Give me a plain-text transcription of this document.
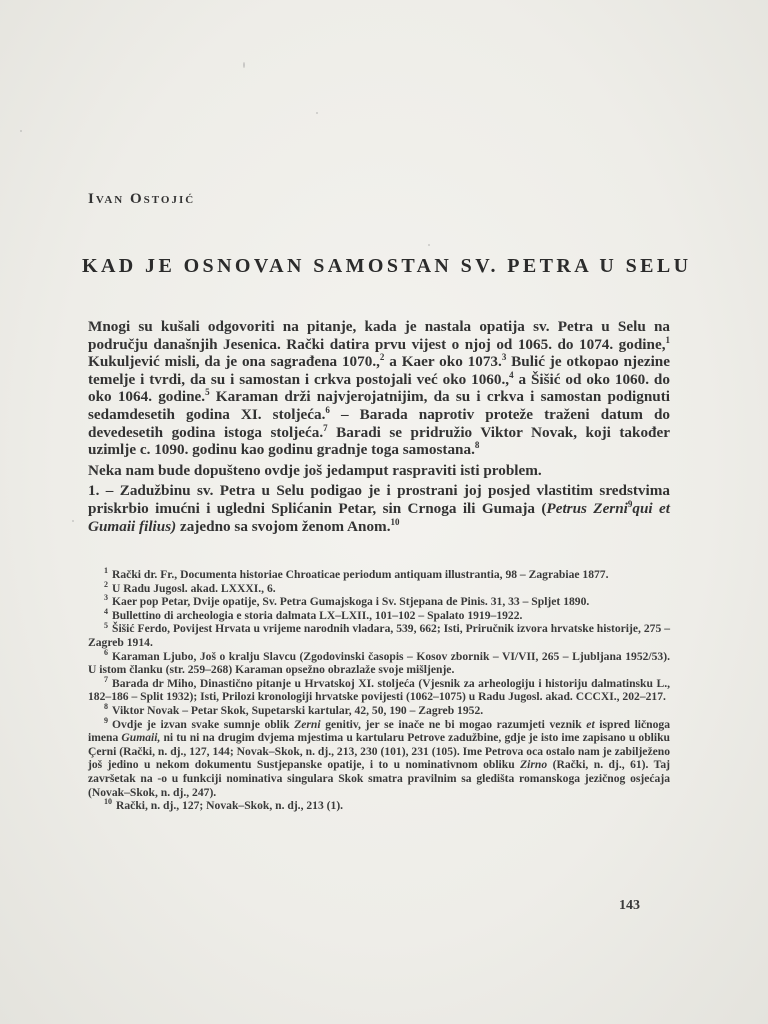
Ivan Ostojić
KAD JE OSNOVAN SAMOSTAN SV. PETRA U SELU

Mnogi su kušali odgovoriti na pitanje, kada je nastala opatija sv. Petra u Selu na području današnjih Jesenica. Rački datira prvu vijest o njoj od 1065. do 1074. godine,$^1$ Kukuljević misli, da je ona sagrađena 1070.,$^2$ a Kaer oko 1073.$^3$ Bulić je otkopao njezine temelje i tvrdi, da su i samostan i crkva postojali već oko 1060.,$^4$ a Šišić od oko 1060. do oko 1064. godine.$^5$ Karaman drži najvjerojatnijim, da su i crkva i samostan podignuti sedamdesetih godina XI. stoljeća.$^6$ – Barada naprotiv proteže traženi datum do devedesetih godina istoga stoljeća.$^7$ Baradi se pridružio Viktor Novak, koji također uzimlje c. 1090. godinu kao godinu gradnje toga samostana.$^8$

Neka nam bude dopušteno ovdje još jedamput raspraviti isti problem.

1. – Zadužbinu sv. Petra u Selu podigao je i prostrani joj posjed vlastitim sredstvima priskrbio imućni i ugledni Splićanin Petar, sin Crnoga ili Gumaja (Petrus Zerni$^9$qui et Gumaii filius) zajedno sa svojom ženom Anom.$^{10}$

$^1$ Rački dr. Fr., Documenta historiae Chroaticae periodum antiquam illustrantia, 98 – Zagrabiae 1877.

$^2$ U Radu Jugosl. akad. LXXXI., 6.

$^3$ Kaer pop Petar, Dvije opatije, Sv. Petra Gumajskoga i Sv. Stjepana de Pinis. 31, 33 – Spljet 1890.

$^4$ Bullettino di archeologia e storia dalmata LX–LXII., 101–102 – Spalato 1919–1922.

$^5$ Šišić Ferdo, Povijest Hrvata u vrijeme narodnih vladara, 539, 662; Isti, Priručnik izvora hrvatske historije, 275 – Zagreb 1914.

$^6$ Karaman Ljubo, Još o kralju Slavcu (Zgodovinski časopis – Kosov zbornik – VI/VII, 265 – Ljubljana 1952/53). U istom članku (str. 259–268) Karaman opsežno obrazlaže svoje mišljenje.

$^7$ Barada dr Miho, Dinastično pitanje u Hrvatskoj XI. stoljeća (Vjesnik za arheologiju i historiju dalmatinsku L., 182–186 – Split 1932); Isti, Prilozi kronologiji hrvatske povijesti (1062–1075) u Radu Jugosl. akad. CCCXI., 202–217.

$^8$ Viktor Novak – Petar Skok, Supetarski kartular, 42, 50, 190 – Zagreb 1952.

$^9$ Ovdje je izvan svake sumnje oblik Zerni genitiv, jer se inače ne bi mogao razumjeti veznik et ispred ličnoga imena Gumaii, ni tu ni na drugim dvjema mjestima u kartularu Petrove zadužbine, gdje je isto ime zapisano u obliku Çerni (Rački, n. dj., 127, 144; Novak–Skok, n. dj., 213, 230 (101), 231 (105). Ime Petrova oca ostalo nam je zabilježeno još jedino u nekom dokumentu Sustjepanske opatije, i to u nominativnom obliku Zirno (Rački, n. dj., 61). Taj završetak na -o u funkciji nominativa singulara Skok smatra pravilnim sa gledišta romanskoga jezičnog osjećaja (Novak–Skok, n. dj., 247).

$^{10}$ Rački, n. dj., 127; Novak–Skok, n. dj., 213 (1).

143
